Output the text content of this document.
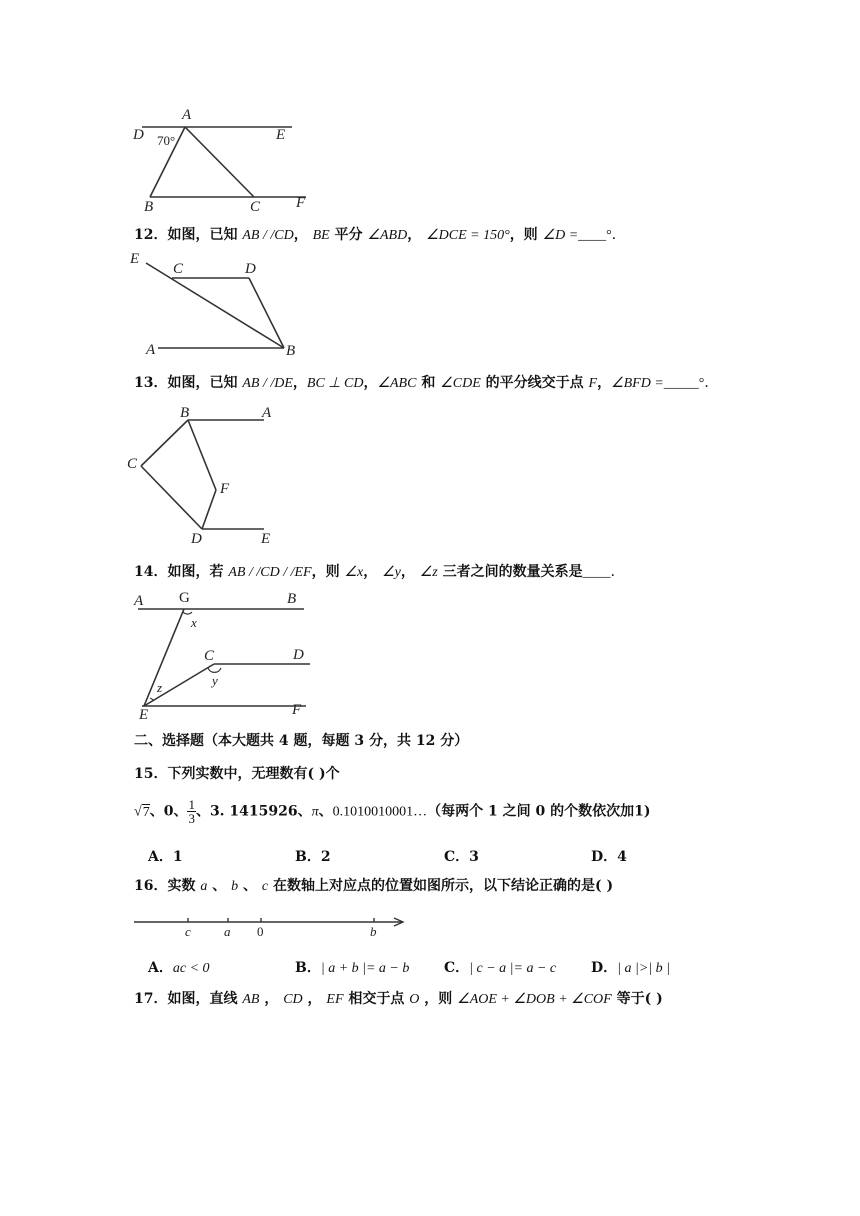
A
D	E
70°
B	C F
12．如图，已知 AB / /CD， BE 平分 ∠ABD， ∠DCE = 150°，则 ∠D =____°．
E
C	D
A	B
13．如图，已知 AB / /DE，BC ⊥ CD，∠ABC 和 ∠CDE 的平分线交于点 F，∠BFD =_____°．
B	A
C
F
D	E
14．如图，若 AB / /CD / /EF，则 ∠x， ∠y， ∠z 三者之间的数量关系是____．
A G	B
x
C	D
z	y
E	F
二、选择题（本大题共 4 题，每题 3 分，共 12 分）
15．下列实数中，无理数有( )个
√7、0、 $\frac{1}{3}$ 、3. 1415926、π、0.1010010001…（每两个 1 之间 0 的个数依次加1)
A．1	B．2	C．3	D．4
16．实数 a 、 b 、 c 在数轴上对应点的位置如图所示，以下结论正确的是( )
c	a 0	b
A．ac < 0	B．| a + b |= a − b C．| c − a |= a − c D．| a |>| b |
17．如图，直线 AB ， CD ， EF 相交于点 O ，则 ∠AOE + ∠DOB + ∠COF 等于( )
